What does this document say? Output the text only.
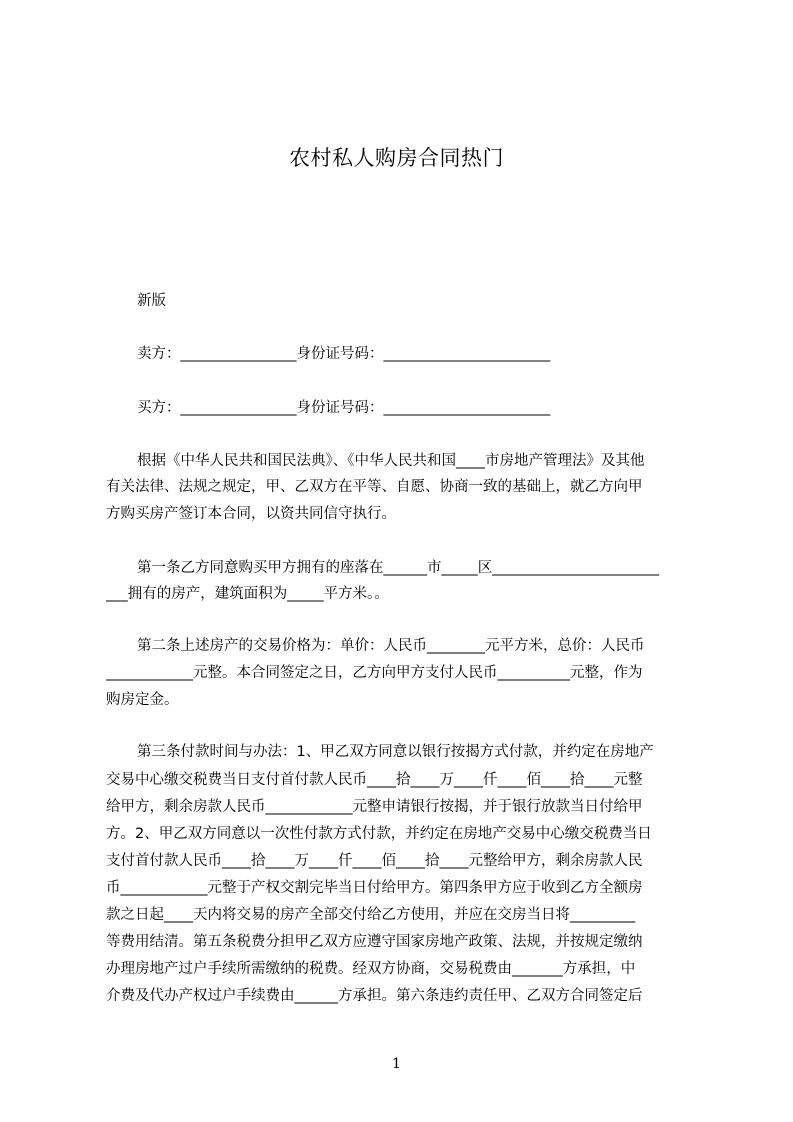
农村私人购房合同热门
新版
卖方：________________身份证号码：_______________________
买方：________________身份证号码：_______________________
根据《中华人民共和国民法典》、《中华人民共和国____市房地产管理法》及其他
有关法律、法规之规定，甲、乙双方在平等、自愿、协商一致的基础上，就乙方向甲
方购买房产签订本合同，以资共同信守执行。
第一条乙方同意购买甲方拥有的座落在______市_____区_______________________
___拥有的房产，建筑面积为_____平方米。。
第二条上述房产的交易价格为：单价：人民币________元平方米，总价：人民币
____________元整。本合同签定之日，乙方向甲方支付人民币__________元整，作为
购房定金。
第三条付款时间与办法：1、甲乙双方同意以银行按揭方式付款，并约定在房地产
交易中心缴交税费当日支付首付款人民币____拾____万____仟____佰____拾____元整
给甲方，剩余房款人民币____________元整申请银行按揭，并于银行放款当日付给甲
方。2、甲乙双方同意以一次性付款方式付款，并约定在房地产交易中心缴交税费当日
支付首付款人民币____拾____万____仟____佰____拾____元整给甲方，剩余房款人民
币____________元整于产权交割完毕当日付给甲方。第四条甲方应于收到乙方全额房
款之日起____天内将交易的房产全部交付给乙方使用，并应在交房当日将_________
等费用结清。第五条税费分担甲乙双方应遵守国家房地产政策、法规，并按规定缴纳
办理房地产过户手续所需缴纳的税费。经双方协商，交易税费由_______方承担，中
介费及代办产权过户手续费由______方承担。第六条违约责任甲、乙双方合同签定后
1
